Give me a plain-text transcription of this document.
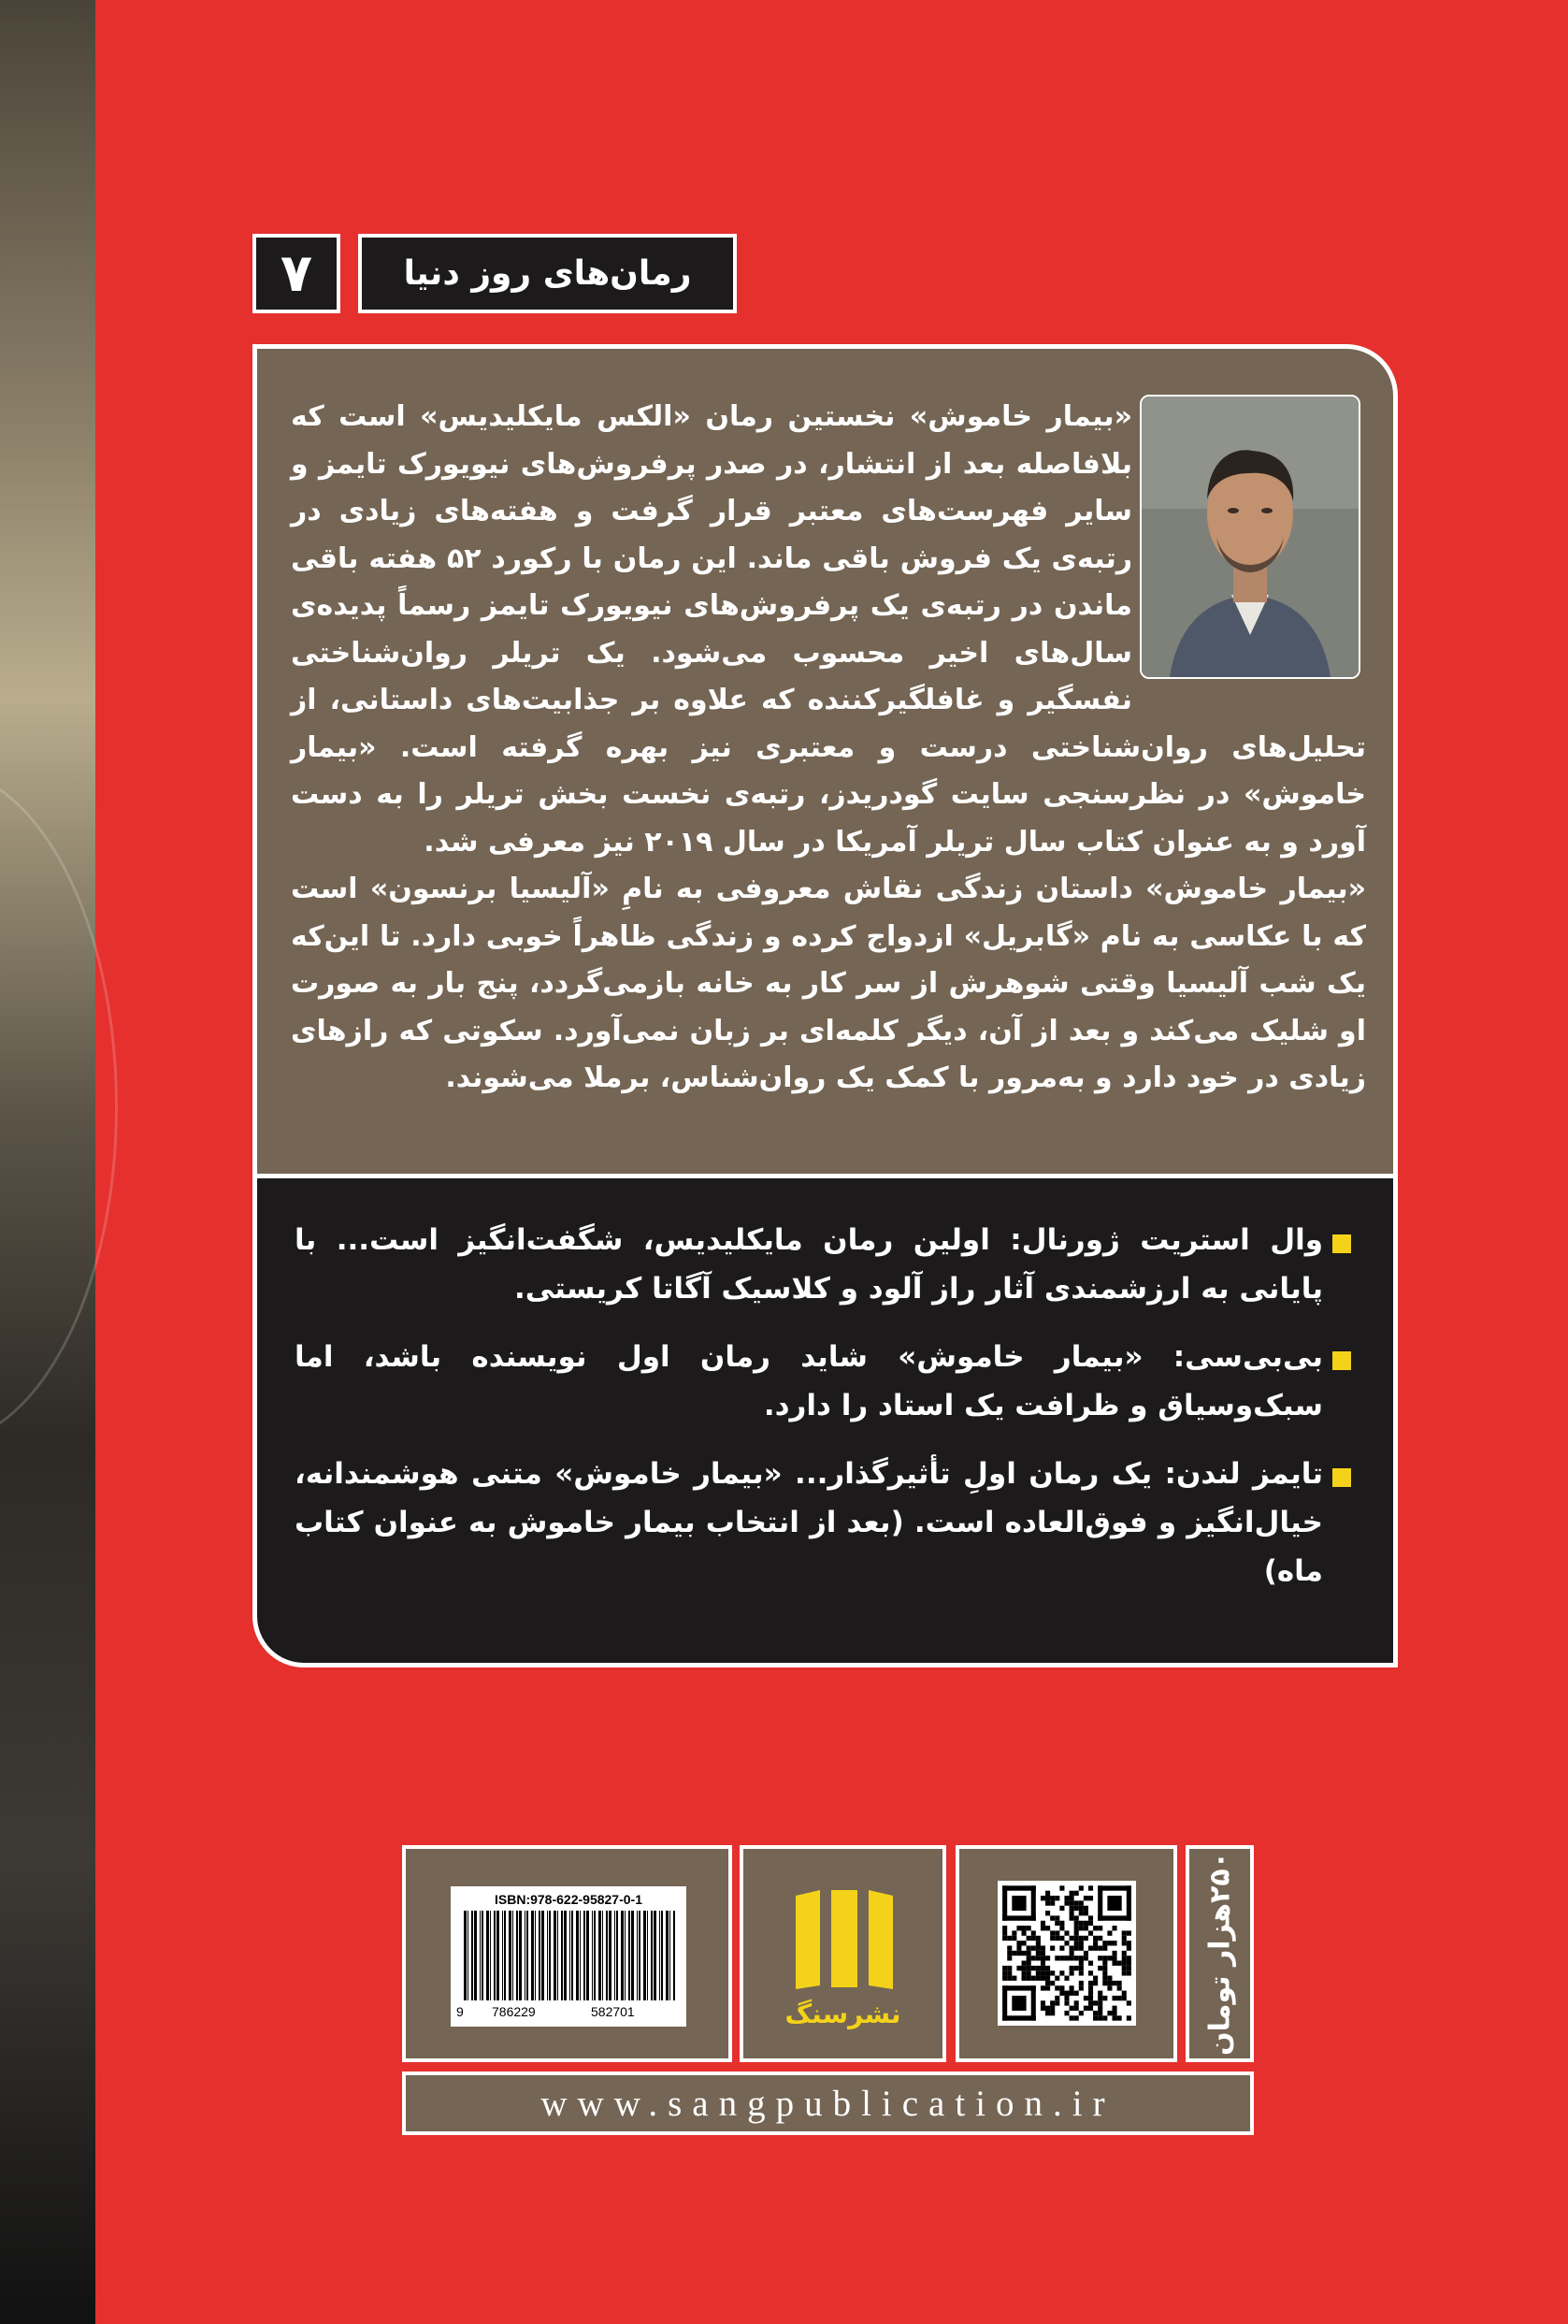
۷	رمان‌های روز دنیا

«بیمار خاموش» نخستین رمان «الکس مایکلیدیس» است که بلافاصله بعد از انتشار، در صدر پرفروش‌های نیویورک تایمز و سایر فهرست‌های معتبر قرار گرفت و هفته‌های زیادی در رتبه‌ی یک فروش باقی ماند. این رمان با رکورد ۵۲ هفته باقی ماندن در رتبه‌ی یک پرفروش‌های نیویورک تایمز رسماً پدیده‌ی سال‌های اخیر محسوب می‌شود. یک تریلر روان‌شناختی نفسگیر و غافلگیرکننده که علاوه بر جذابیت‌های داستانی، از تحلیل‌های روان‌شناختی درست و معتبری نیز بهره گرفته است. «بیمار خاموش» در نظرسنجی سایت گودریدز، رتبه‌ی نخست بخش تریلر را به دست آورد و به عنوان کتاب سال تریلر آمریکا در سال ۲۰۱۹ نیز معرفی شد.

«بیمار خاموش» داستان زندگی نقاش معروفی به نامِ «آلیسیا برنسون» است که با عکاسی به نام «گابریل» ازدواج کرده و زندگی ظاهراً خوبی دارد. تا این‌که یک شب آلیسیا وقتی شوهرش از سر کار به خانه بازمی‌گردد، پنج بار به صورت او شلیک می‌کند و بعد از آن، دیگر کلمه‌ای بر زبان نمی‌آورد. سکوتی که رازهای زیادی در خود دارد و به‌مرور با کمک یک روان‌شناس، برملا می‌شوند.

وال استریت ژورنال: اولین رمان مایکلیدیس، شگفت‌انگیز است... با پایانی به ارزشمندی آثار راز آلود و کلاسیک آگاتا کریستی.
بی‌بی‌سی: «بیمار خاموش» شاید رمان اول نویسنده باشد، اما سبک‌وسیاق و ظرافت یک استاد را دارد.
تایمز لندن: یک رمان اولِ تأثیرگذار... «بیمار خاموش» متنی هوشمندانه، خیال‌انگیز و فوق‌العاده است. (بعد از انتخاب بیمار خاموش به عنوان کتاب ماه)
ISBN:978-622-95827-0-1
9 786229	582701	نشرسنگ	۲۵۰هزار تومان
www.sangpublication.ir
